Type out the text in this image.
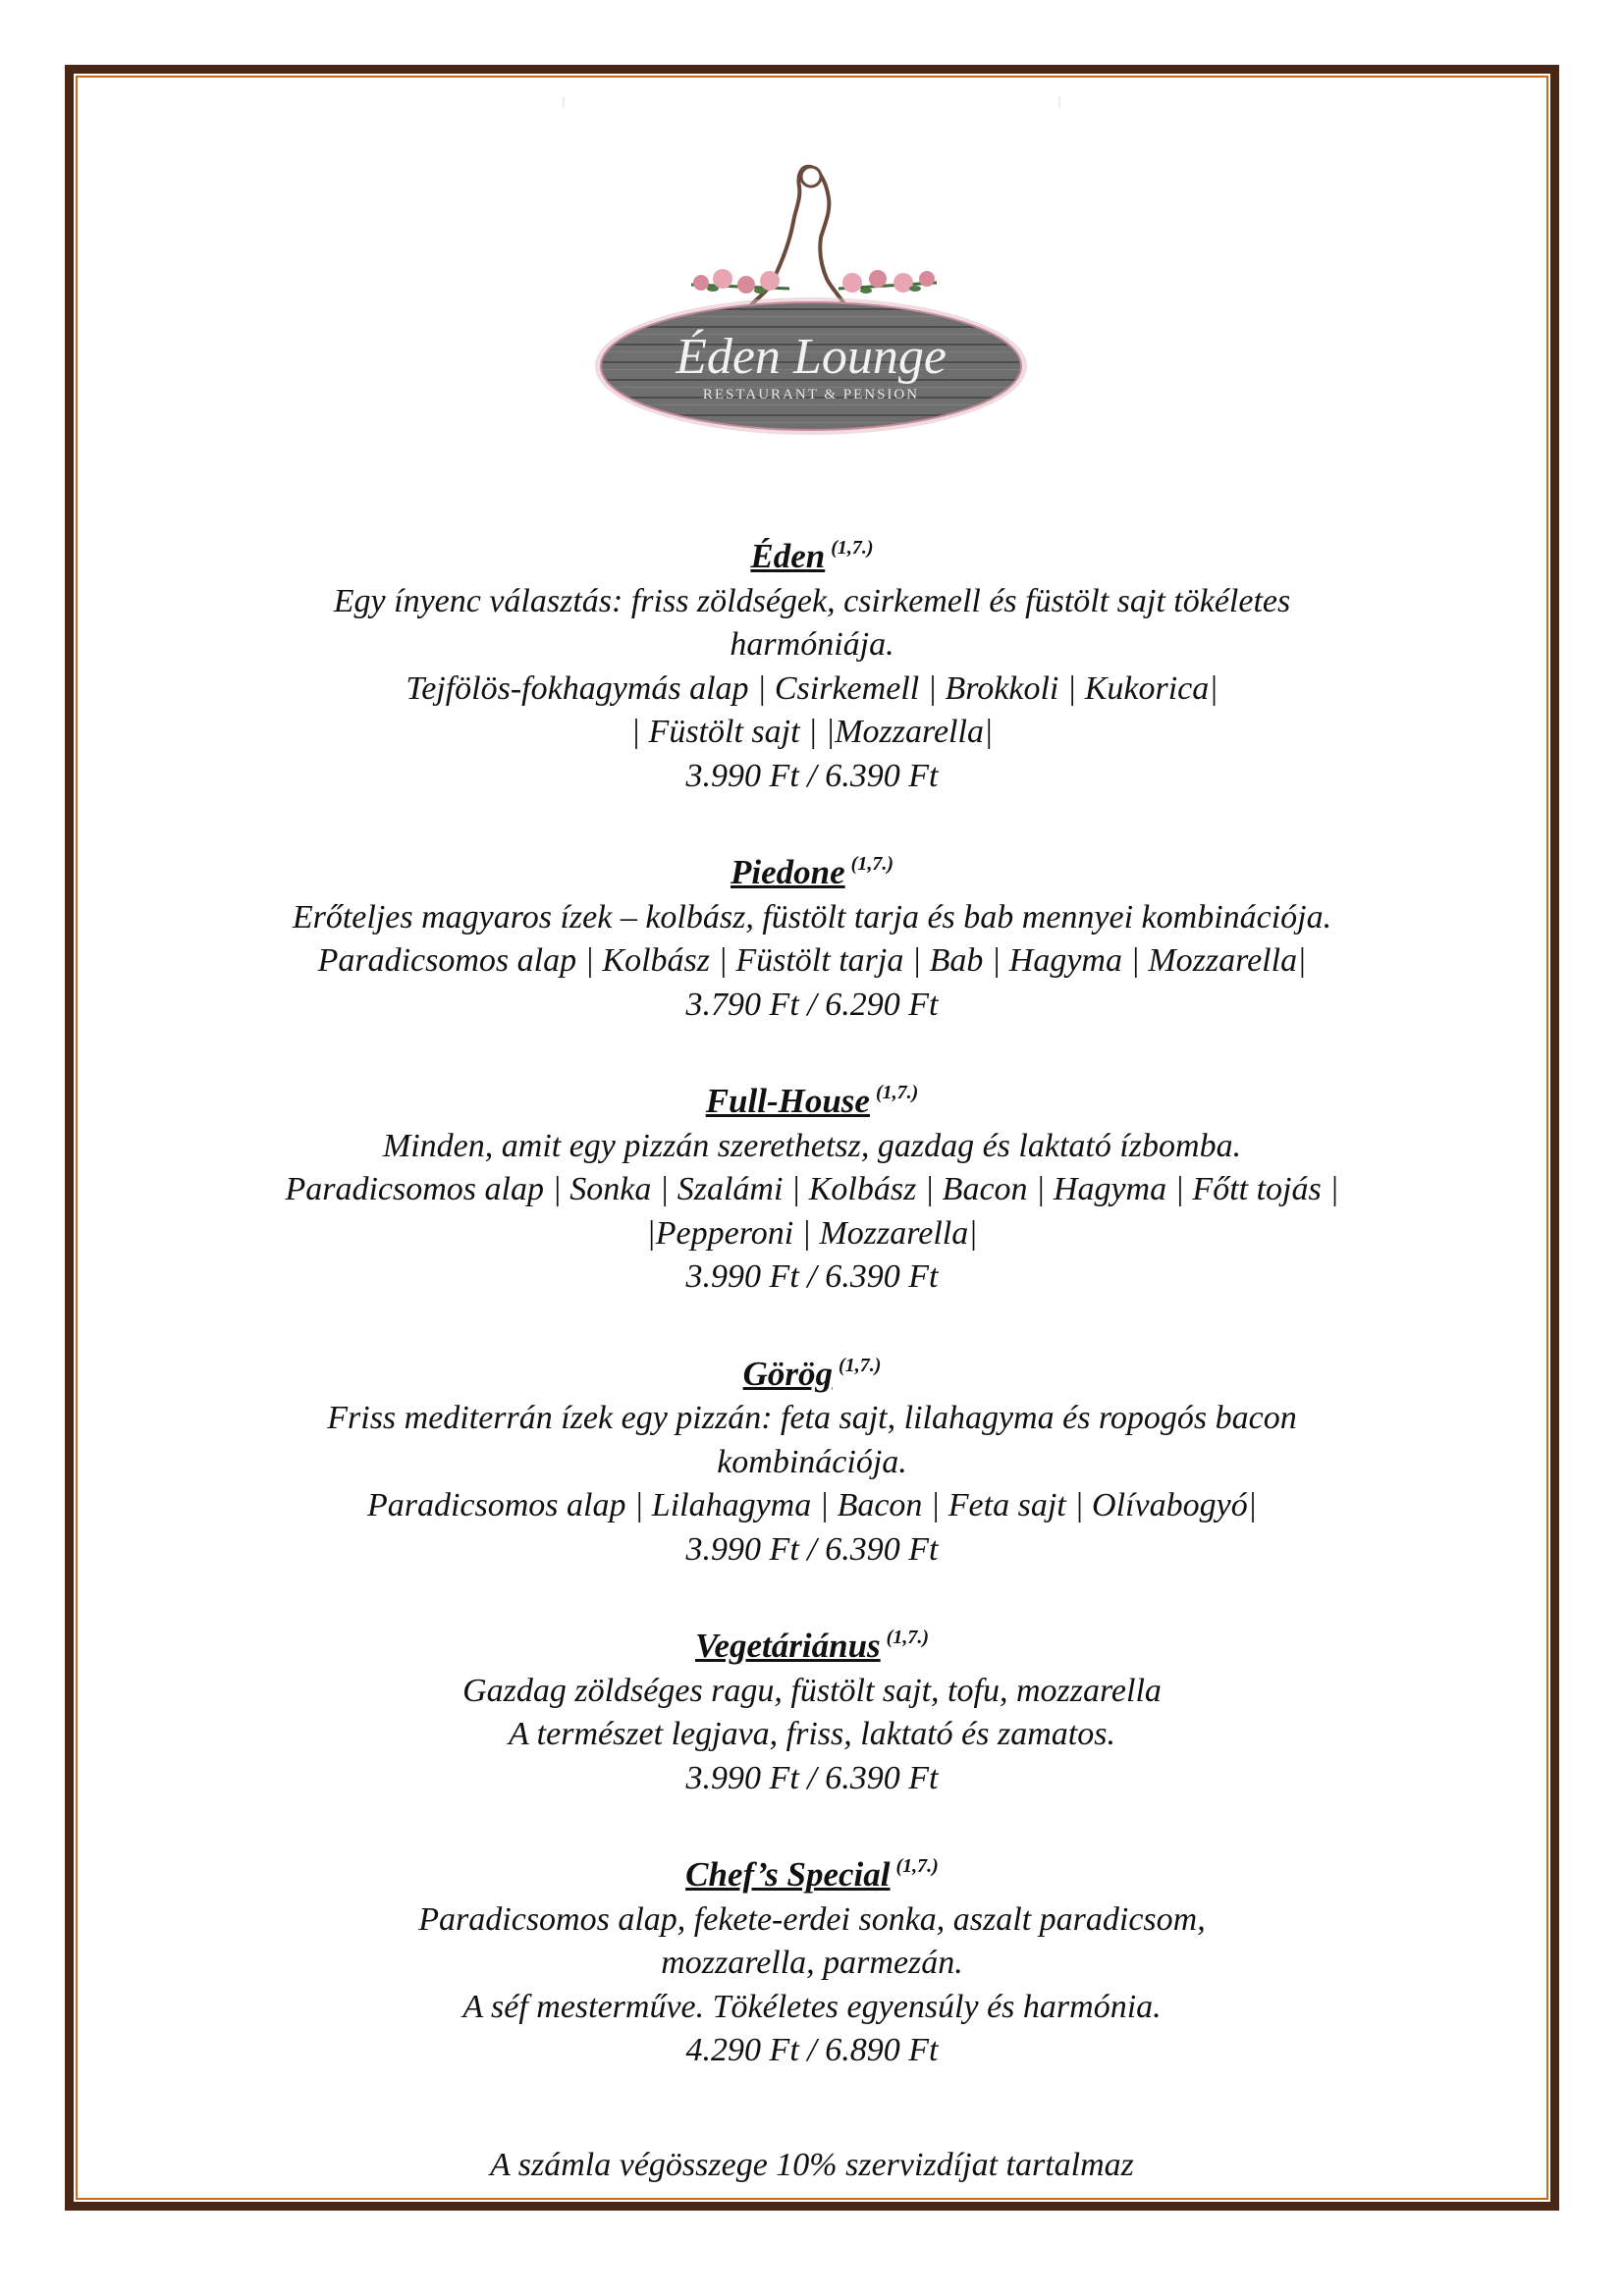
Éden Lounge
RESTAURANT & PENSION
Éden $^{(1,7.)}$
Egy ínyenc választás: friss zöldségek, csirkemell és füstölt sajt tökéletes
harmóniája.
Tejfölös-fokhagymás alap | Csirkemell | Brokkoli | Kukorica|
| Füstölt sajt | |Mozzarella|
3.990 Ft / 6.390 Ft
Piedone $^{(1,7.)}$
Erőteljes magyaros ízek – kolbász, füstölt tarja és bab mennyei kombinációja.
Paradicsomos alap | Kolbász | Füstölt tarja | Bab | Hagyma | Mozzarella|
3.790 Ft / 6.290 Ft
Full-House $^{(1,7.)}$
Minden, amit egy pizzán szerethetsz, gazdag és laktató ízbomba.
Paradicsomos alap | Sonka | Szalámi | Kolbász | Bacon | Hagyma | Főtt tojás |
|Pepperoni | Mozzarella|
3.990 Ft / 6.390 Ft
Görög $^{(1,7.)}$
Friss mediterrán ízek egy pizzán: feta sajt, lilahagyma és ropogós bacon
kombinációja.
Paradicsomos alap | Lilahagyma | Bacon | Feta sajt | Olívabogyó|
3.990 Ft / 6.390 Ft
Vegetáriánus $^{(1,7.)}$
Gazdag zöldséges ragu, füstölt sajt, tofu, mozzarella
A természet legjava, friss, laktató és zamatos.
3.990 Ft / 6.390 Ft
Chef’s Special $^{(1,7.)}$
Paradicsomos alap, fekete-erdei sonka, aszalt paradicsom,
mozzarella, parmezán.
A séf mesterműve. Tökéletes egyensúly és harmónia.
4.290 Ft / 6.890 Ft
A számla végösszege 10% szervizdíjat tartalmaz
